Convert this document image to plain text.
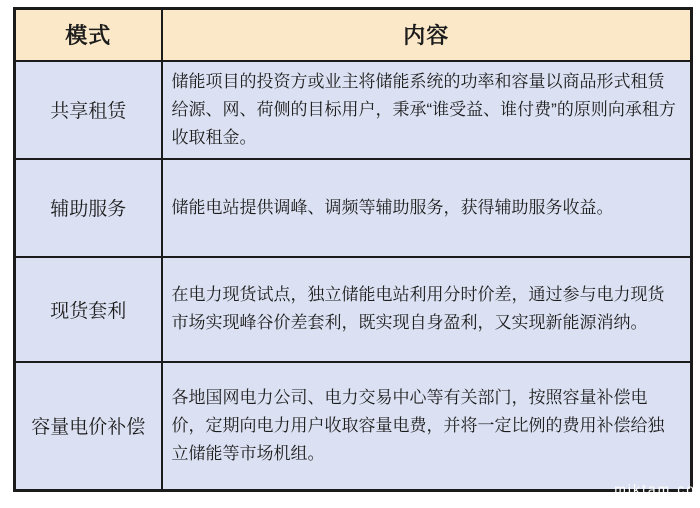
模式	内容
共享租赁	储能项目的投资方或业主将储能系统的功率和容量以商品形式租赁给源、网、荷侧的目标用户，秉承“谁受益、谁付费”的原则向承租方收取租金。
辅助服务	储能电站提供调峰、调频等辅助服务，获得辅助服务收益。
现货套利	在电力现货试点，独立储能电站利用分时价差，通过参与电力现货市场实现峰谷价差套利，既实现自身盈利，又实现新能源消纳。
容量电价补偿	各地国网电力公司、电力交易中心等有关部门，按照容量补偿电价，定期向电力用户收取容量电费，并将一定比例的费用补偿给独立储能等市场机组。
miktam co
